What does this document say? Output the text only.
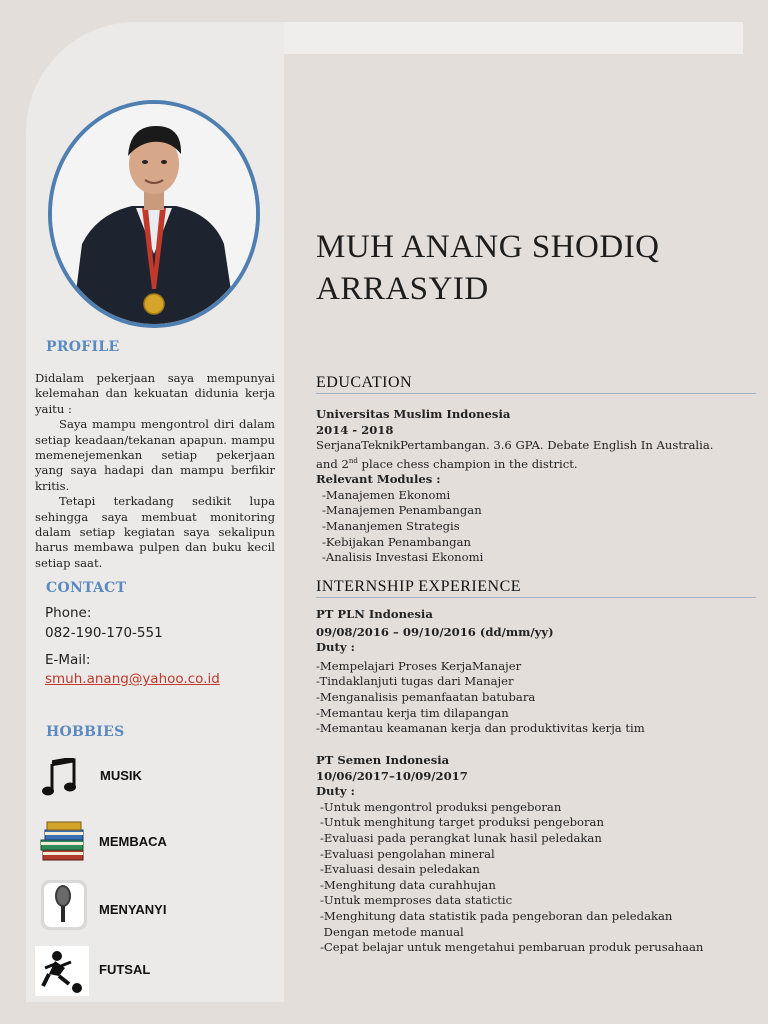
PROFILE

Didalam pekerjaan saya mempunyai kelemahan dan kekuatan didunia kerja yaitu :

Saya mampu mengontrol diri dalam setiap keadaan/tekanan apapun. mampu memenejemenkan setiap pekerjaan yang saya hadapi dan mampu berfikir kritis.

Tetapi terkadang sedikit lupa sehingga saya membuat monitoring dalam setiap kegiatan saya sekalipun harus membawa pulpen dan buku kecil setiap saat.

CONTACT
Phone:
082-190-170-551
E-Mail:
smuh.anang@yahoo.co.id
HOBBIES
MUSIK
MEMBACA
MENYANYI
FUTSAL
MUH ANANG SHODIQ
ARRASYID
EDUCATION
Universitas Muslim Indonesia
2014 - 2018
SerjanaTeknikPertambangan. 3.6 GPA. Debate English In Australia.
and 2nd place chess champion in the district.
Relevant Modules :
-Manajemen Ekonomi
-Manajemen Penambangan
-Mananjemen Strategis
-Kebijakan Penambangan
-Analisis Investasi Ekonomi
INTERNSHIP EXPERIENCE
PT PLN Indonesia
09/08/2016 – 09/10/2016 (dd/mm/yy)
Duty :
-Mempelajari Proses KerjaManajer
-Tindaklanjuti tugas dari Manajer
-Menganalisis pemanfaatan batubara
-Memantau kerja tim dilapangan
-Memantau keamanan kerja dan produktivitas kerja tim
PT Semen Indonesia
10/06/2017–10/09/2017
Duty :
-Untuk mengontrol produksi pengeboran
-Untuk menghitung target produksi pengeboran
-Evaluasi pada perangkat lunak hasil peledakan
-Evaluasi pengolahan mineral
-Evaluasi desain peledakan
-Menghitung data curahhujan
-Untuk memproses data statictic
-Menghitung data statistik pada pengeboran dan peledakan
Dengan metode manual
-Cepat belajar untuk mengetahui pembaruan produk perusahaan
